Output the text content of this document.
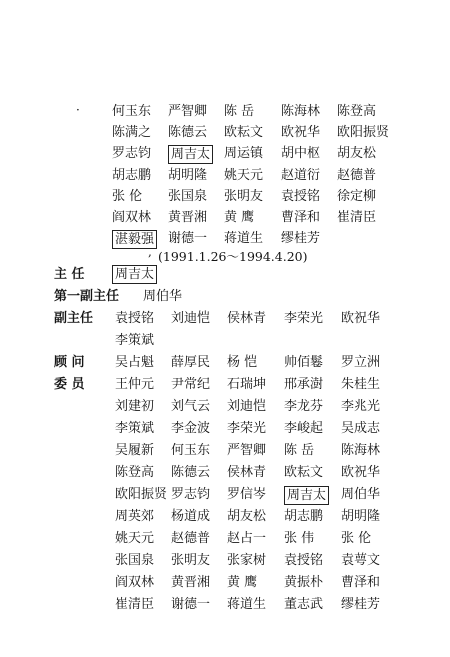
·
,
何玉东 严智卿 陈 岳 陈海林 陈登高
陈满之 陈德云 欧耘文 欧祝华 欧阳振贤
罗志钧 周吉太 周运镇 胡中枢 胡友松
胡志鹏 胡明隆 姚天元 赵道衍 赵德普
张 伦 张国泉 张明友 袁授铭 徐定柳
阎双林 黄晋湘 黄 鹰 曹泽和 崔清臣
湛毅强 谢德一 蒋道生 缪桂芳
(1991.1.26～1994.4.20)
主 任 周吉太
第一副主任 周伯华
副主任 袁授铭 刘迪恺 侯林青 李荣光 欧祝华
李策斌
顾 问 吴占魁 薛厚民 杨 恺 帅佰鬈 罗立洲
委 员 王仲元 尹常纪 石瑞坤 邢承澍 朱桂生
刘建初 刘气云 刘迪恺 李龙芬 李兆光
李策斌 李金波 李荣光 李峻起 吴成志
吴履新 何玉东 严智卿 陈 岳 陈海林
陈登高 陈德云 侯林青 欧耘文 欧祝华
欧阳振贤 罗志钧 罗信岑 周吉太 周伯华
周英郊 杨道成 胡友松 胡志鹏 胡明隆
姚天元 赵德普 赵占一 张 伟 张 伦
张国泉 张明友 张家树 袁授铭 袁萼文
阎双林 黄晋湘 黄 鹰 黄振朴 曹泽和
崔清臣 谢德一 蒋道生 董志武 缪桂芳
